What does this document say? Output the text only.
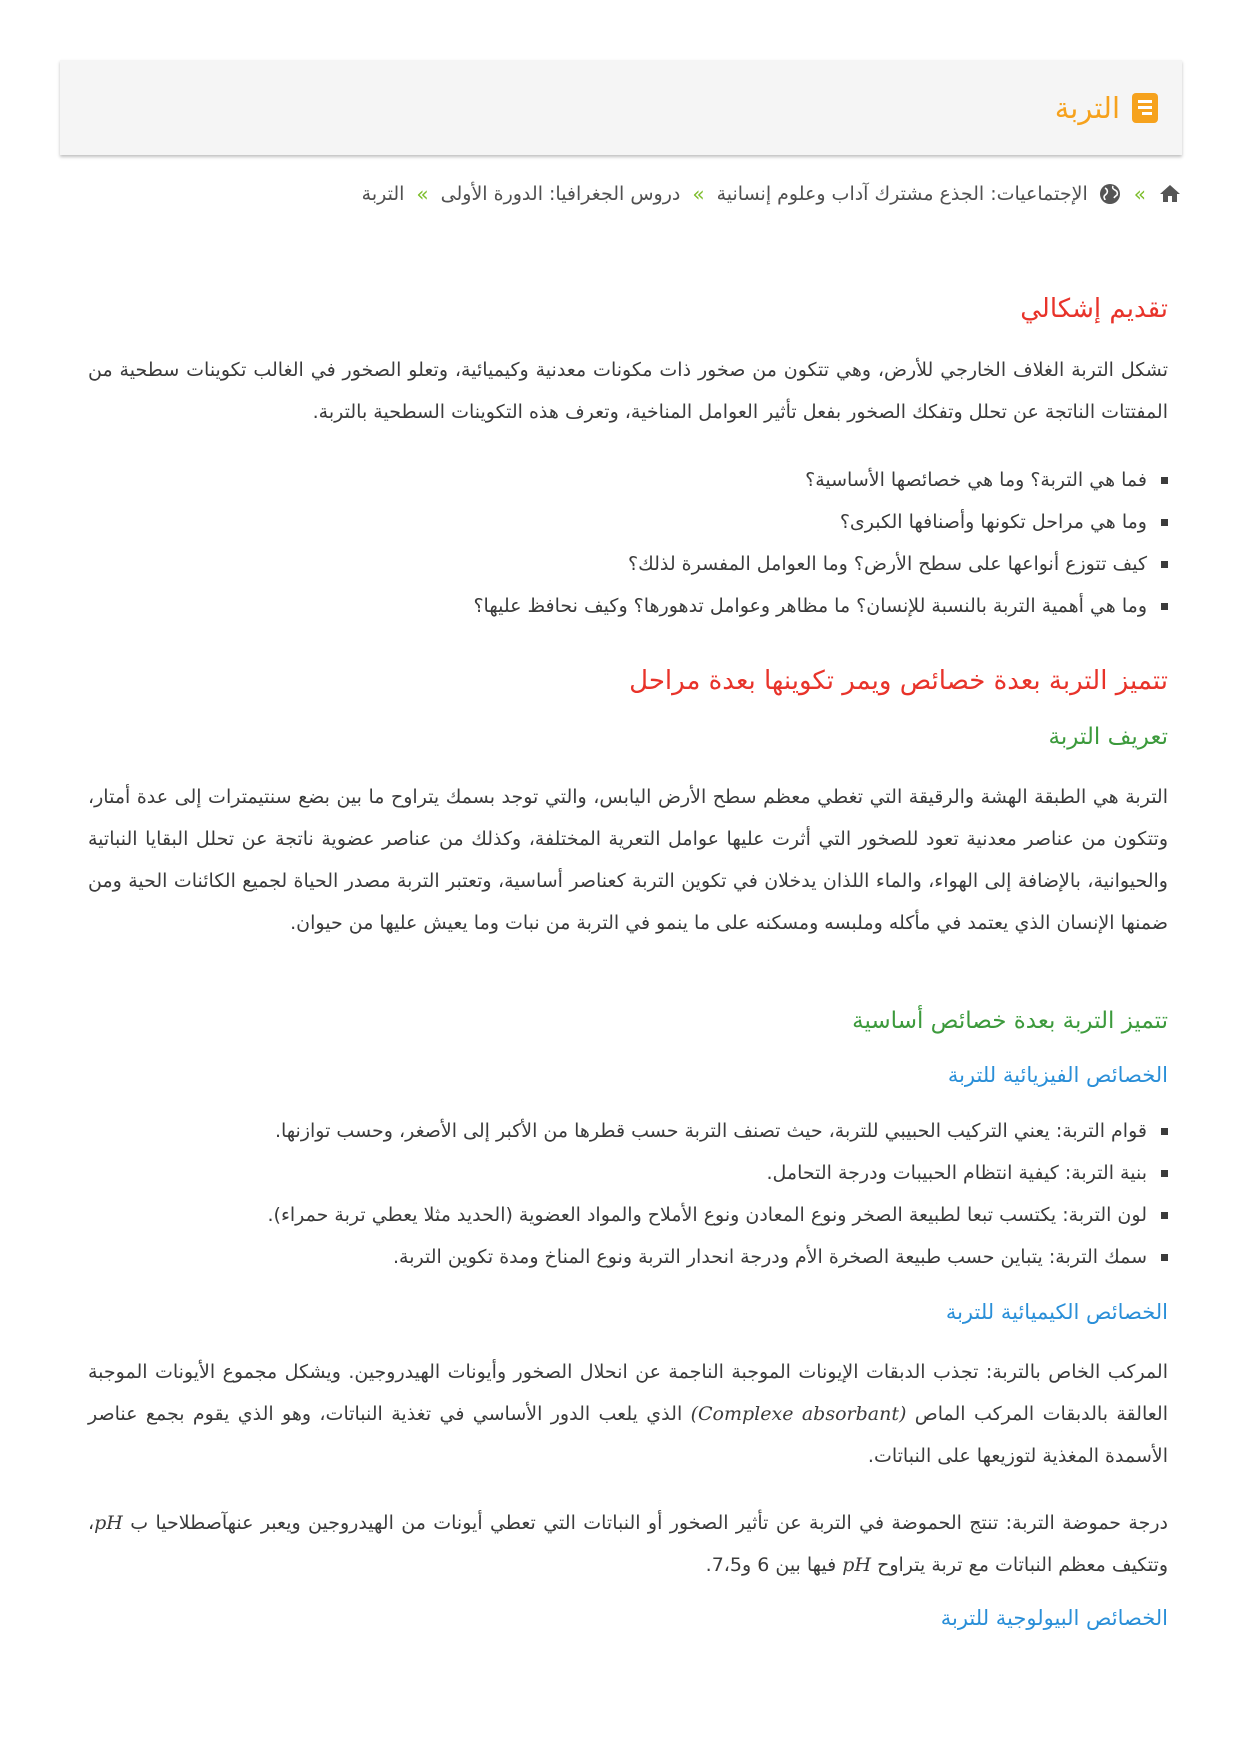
التربة
»
الإجتماعيات: الجذع مشترك آداب وعلوم إنسانية
»
دروس الجغرافيا: الدورة الأولى
»
التربة
تقديم إشكالي

تشكل التربة الغلاف الخارجي للأرض، وهي تتكون من صخور ذات مكونات معدنية وكيميائية، وتعلو الصخور في الغالب تكوينات سطحية من المفتتات الناتجة عن تحلل وتفكك الصخور بفعل تأثير العوامل المناخية، وتعرف هذه التكوينات السطحية بالتربة.

فما هي التربة؟ وما هي خصائصها الأساسية؟
وما هي مراحل تكونها وأصنافها الكبرى؟
كيف تتوزع أنواعها على سطح الأرض؟ وما العوامل المفسرة لذلك؟
وما هي أهمية التربة بالنسبة للإنسان؟ ما مظاهر وعوامل تدهورها؟ وكيف نحافظ عليها؟
تتميز التربة بعدة خصائص ويمر تكوينها بعدة مراحل
تعريف التربة

التربة هي الطبقة الهشة والرقيقة التي تغطي معظم سطح الأرض اليابس، والتي توجد بسمك يتراوح ما بين بضع سنتيمترات إلى عدة أمتار، وتتكون من عناصر معدنية تعود للصخور التي أثرت عليها عوامل التعرية المختلفة، وكذلك من عناصر عضوية ناتجة عن تحلل البقايا النباتية والحيوانية، بالإضافة إلى الهواء، والماء اللذان يدخلان في تكوين التربة كعناصر أساسية، وتعتبر التربة مصدر الحياة لجميع الكائنات الحية ومن ضمنها الإنسان الذي يعتمد في مأكله وملبسه ومسكنه على ما ينمو في التربة من نبات وما يعيش عليها من حيوان.

تتميز التربة بعدة خصائص أساسية
الخصائص الفيزيائية للتربة
قوام التربة: يعني التركيب الحبيبي للتربة، حيث تصنف التربة حسب قطرها من الأكبر إلى الأصغر، وحسب توازنها.
بنية التربة: كيفية انتظام الحبيبات ودرجة التحامل.
لون التربة: يكتسب تبعا لطبيعة الصخر ونوع المعادن ونوع الأملاح والمواد العضوية (الحديد مثلا يعطي تربة حمراء).
سمك التربة: يتباين حسب طبيعة الصخرة الأم ودرجة انحدار التربة ونوع المناخ ومدة تكوين التربة.
الخصائص الكيميائية للتربة

المركب الخاص بالتربة: تجذب الدبقات الإيونات الموجبة الناجمة عن انحلال الصخور وأيونات الهيدروجين. ويشكل مجموع الأيونات الموجبة العالقة بالدبقات المركب الماص (Complexe absorbant) الذي يلعب الدور الأساسي في تغذية النباتات، وهو الذي يقوم بجمع عناصر الأسمدة المغذية لتوزيعها على النباتات.

درجة حموضة التربة: تنتج الحموضة في التربة عن تأثير الصخور أو النباتات التي تعطي أيونات من الهيدروجين ويعبر عنهآصطلاحيا ب pH، وتتكيف معظم النباتات مع تربة يتراوح pH فيها بين 6 و7،5.

الخصائص البيولوجية للتربة
